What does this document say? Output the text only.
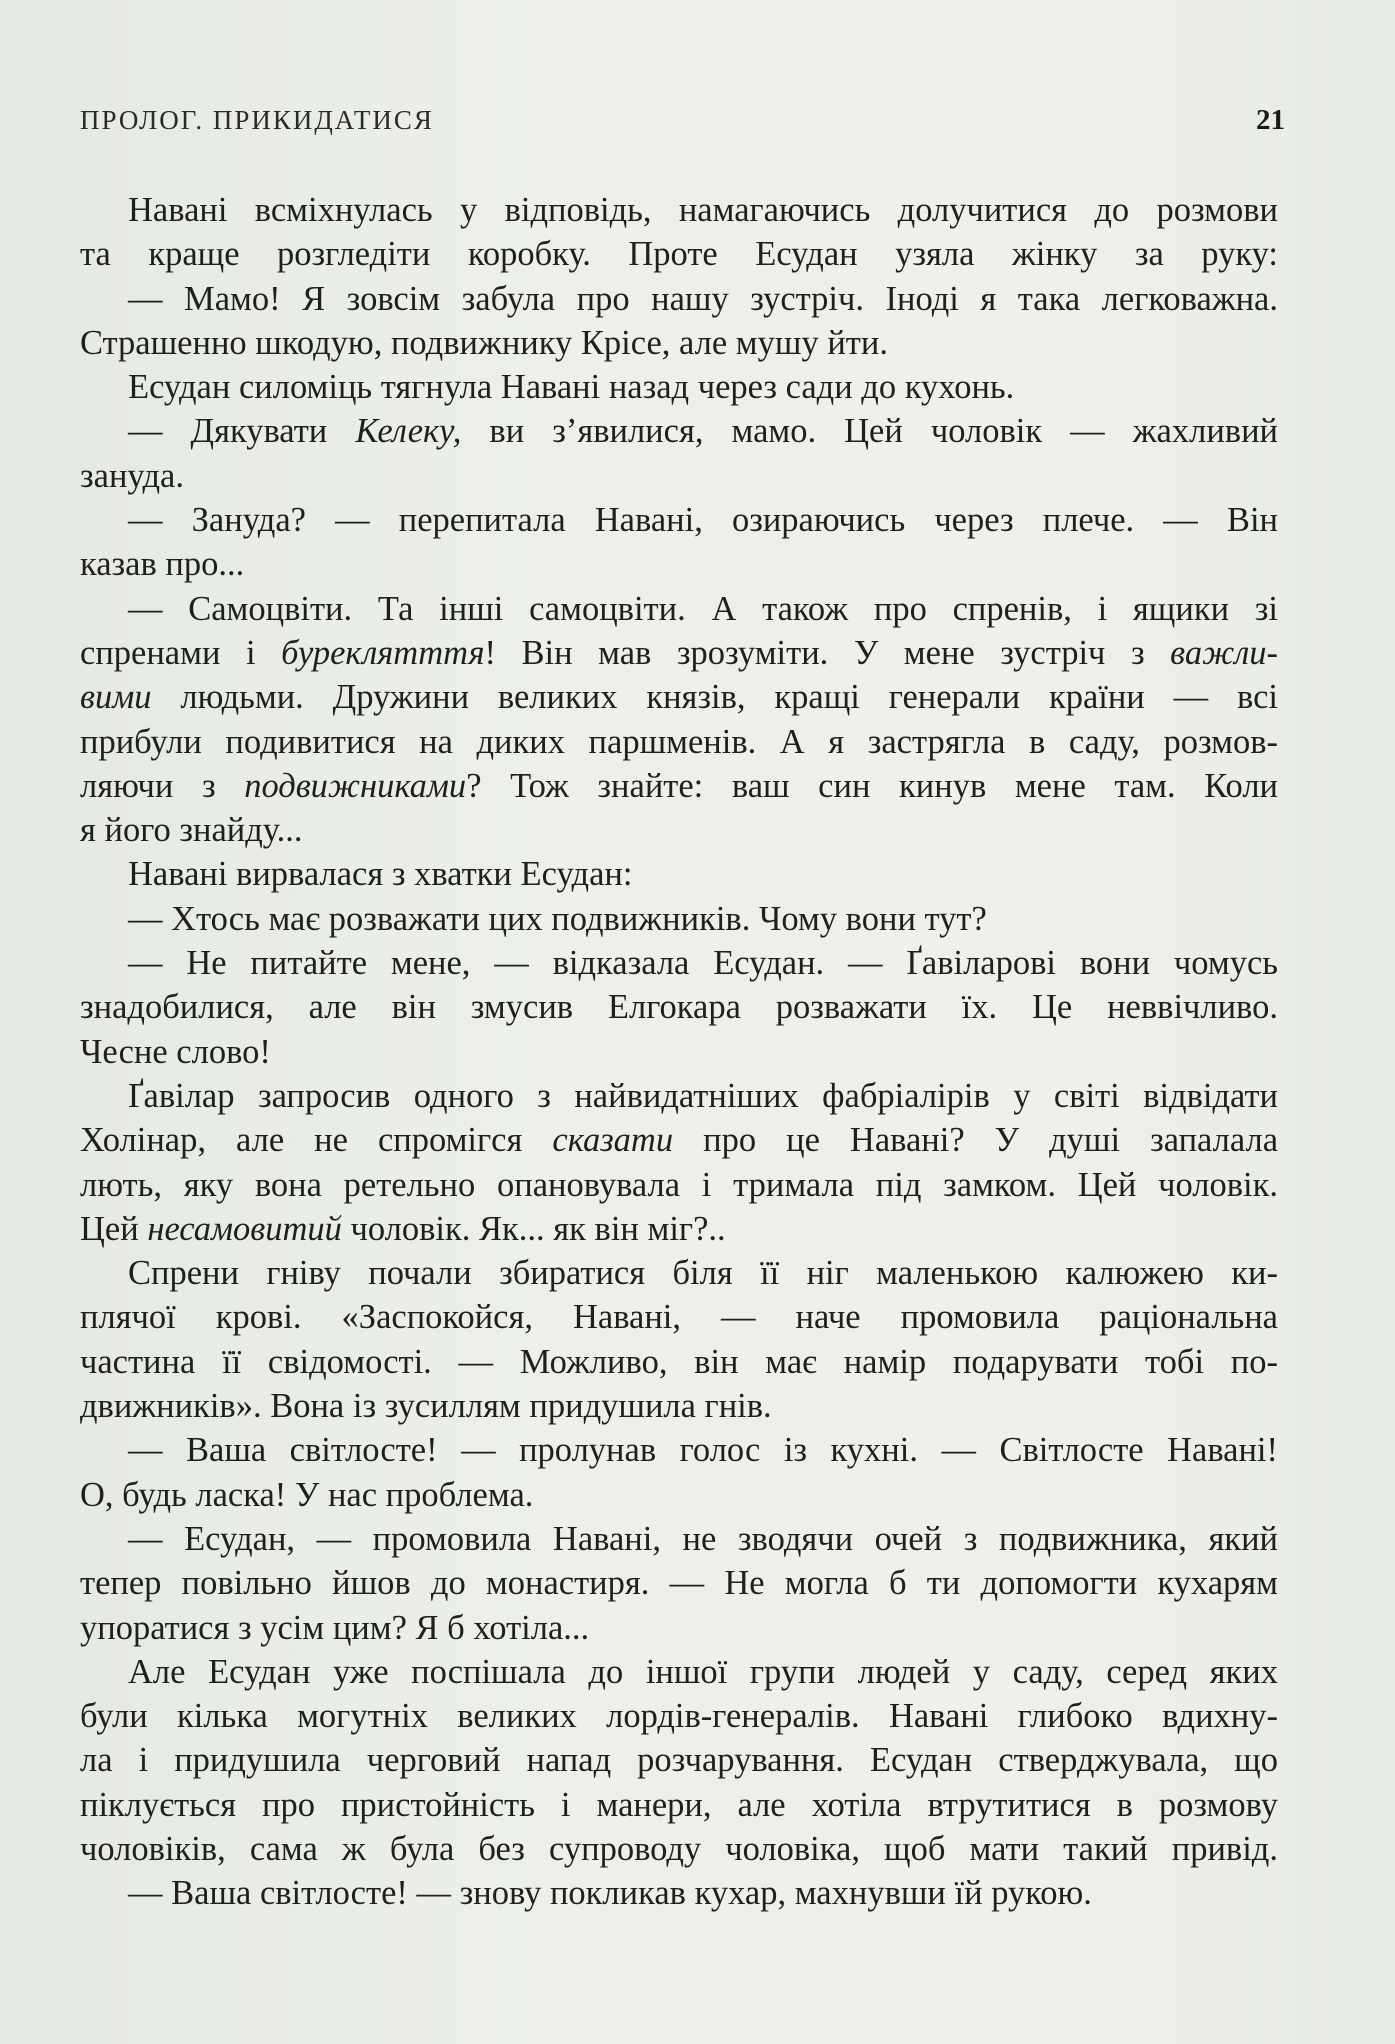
ПРОЛОГ. ПРИКИДАТИСЯ	21
Навані всміхнулась у відповідь, намагаючись долучитися до розмови
та краще розгледіти коробку. Проте Есудан узяла жінку за руку:
— Мамо! Я зовсім забула про нашу зустріч. Іноді я така легковажна.
Страшенно шкодую, подвижнику Крісе, але мушу йти.
Есудан силоміць тягнула Навані назад через сади до кухонь.
— Дякувати Келеку, ви з’явилися, мамо. Цей чоловік — жахливий
зануда.
— Зануда? — перепитала Навані, озираючись через плече. — Він
казав про...
— Самоцвіти. Та інші самоцвіти. А також про спренів, і ящики зі
спренами і буреклятття! Він мав зрозуміти. У мене зустріч з важли-
вими людьми. Дружини великих князів, кращі генерали країни — всі
прибули подивитися на диких паршменів. А я застрягла в саду, розмов-
ляючи з подвижниками? Тож знайте: ваш син кинув мене там. Коли
я його знайду...
Навані вирвалася з хватки Есудан:
— Хтось має розважати цих подвижників. Чому вони тут?
— Не питайте мене, — відказала Есудан. — Ґавіларові вони чомусь
знадобилися, але він змусив Елгокара розважати їх. Це неввічливо.
Чесне слово!
Ґавілар запросив одного з найвидатніших фабріалірів у світі відвідати
Холінар, але не спромігся сказати про це Навані? У душі запалала
лють, яку вона ретельно опановувала і тримала під замком. Цей чоловік.
Цей несамовитий чоловік. Як... як він міг?..
Спрени гніву почали збиратися біля її ніг маленькою калюжею ки-
плячої крові. «Заспокойся, Навані, — наче промовила раціональна
частина її свідомості. — Можливо, він має намір подарувати тобі по-
движників». Вона із зусиллям придушила гнів.
— Ваша світлосте! — пролунав голос із кухні. — Світлосте Навані!
О, будь ласка! У нас проблема.
— Есудан, — промовила Навані, не зводячи очей з подвижника, який
тепер повільно йшов до монастиря. — Не могла б ти допомогти кухарям
упоратися з усім цим? Я б хотіла...
Але Есудан уже поспішала до іншої групи людей у саду, серед яких
були кілька могутніх великих лордів-генералів. Навані глибоко вдихну-
ла і придушила черговий напад розчарування. Есудан стверджувала, що
піклується про пристойність і манери, але хотіла втрутитися в розмову
чоловіків, сама ж була без супроводу чоловіка, щоб мати такий привід.
— Ваша світлосте! — знову покликав кухар, махнувши їй рукою.
